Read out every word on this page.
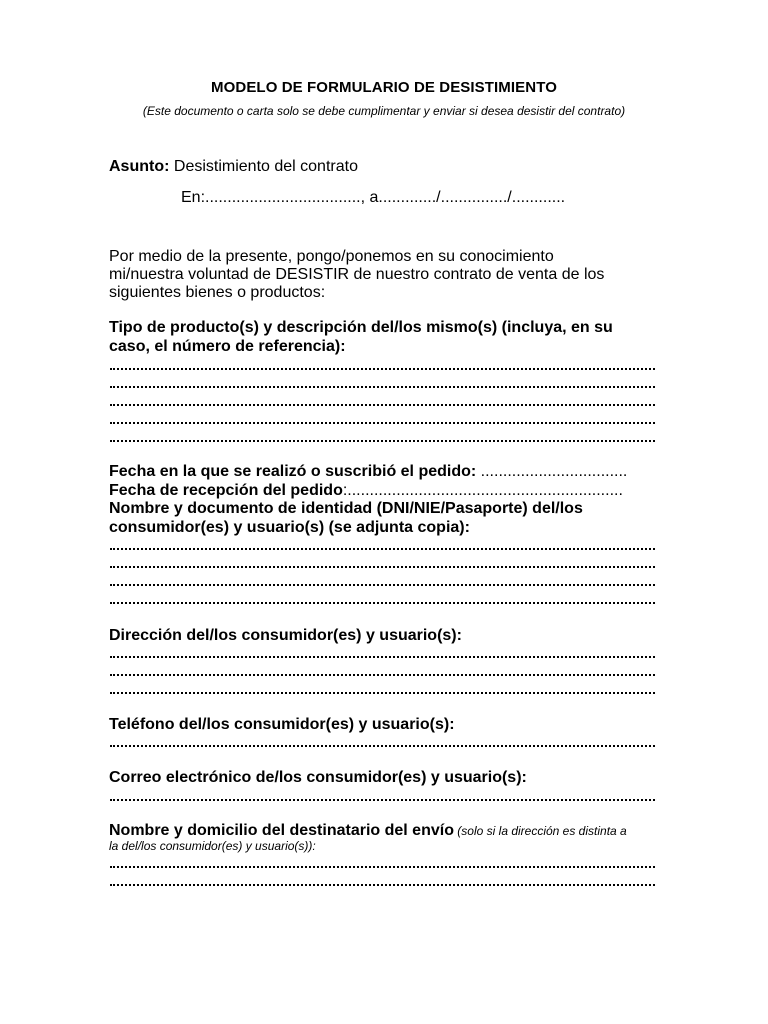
MODELO DE FORMULARIO DE DESISTIMIENTO
(Este documento o carta solo se debe cumplimentar y enviar si desea desistir del contrato)
Asunto: Desistimiento del contrato
En:..................................., a............./.............../............
Por medio de la presente, pongo/ponemos en su conocimiento
mi/nuestra voluntad de DESISTIR de nuestro contrato de venta de los
siguientes bienes o productos:
Tipo de producto(s) y descripción del/los mismo(s) (incluya, en su
caso, el número de referencia):
Fecha en la que se realizó o suscribió el pedido: .................................
Fecha de recepción del pedido:..............................................................
Nombre y documento de identidad (DNI/NIE/Pasaporte) del/los
consumidor(es) y usuario(s) (se adjunta copia):
Dirección del/los consumidor(es) y usuario(s):
Teléfono del/los consumidor(es) y usuario(s):
Correo electrónico de/los consumidor(es) y usuario(s):
Nombre y domicilio del destinatario del envío (solo si la dirección es distinta a
la del/los consumidor(es) y usuario(s)):
